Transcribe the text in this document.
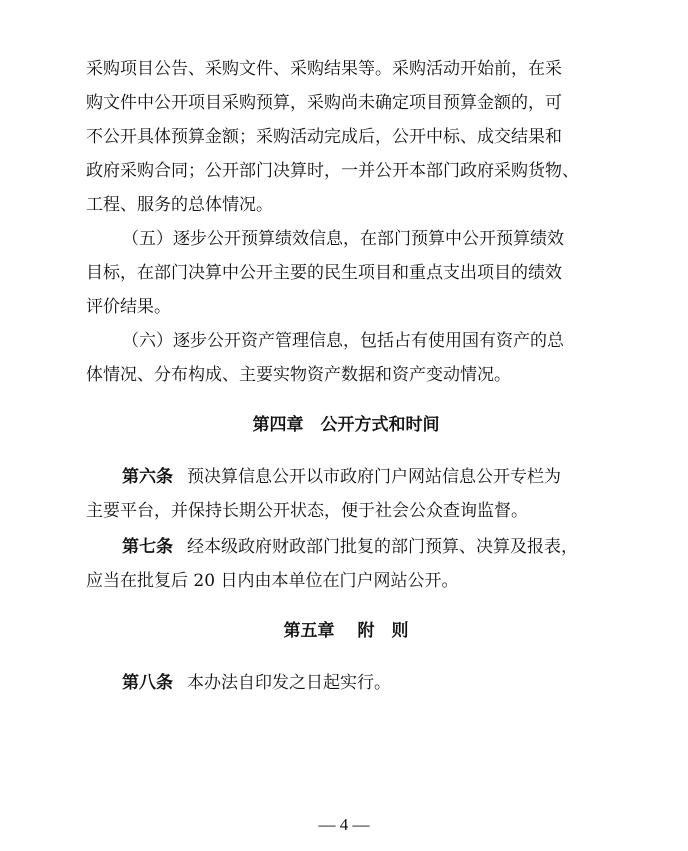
采购项目公告、采购文件、采购结果等。采购活动开始前，在采
购文件中公开项目采购预算，采购尚未确定项目预算金额的，可
不公开具体预算金额；采购活动完成后，公开中标、成交结果和
政府采购合同；公开部门决算时，一并公开本部门政府采购货物、
工程、服务的总体情况。
（五）逐步公开预算绩效信息，在部门预算中公开预算绩效
目标，在部门决算中公开主要的民生项目和重点支出项目的绩效
评价结果。
（六）逐步公开资产管理信息，包括占有使用国有资产的总
体情况、分布构成、主要实物资产数据和资产变动情况。
第四章　公开方式和时间
第六条 预决算信息公开以市政府门户网站信息公开专栏为
主要平台，并保持长期公开状态，便于社会公众查询监督。
第七条 经本级政府财政部门批复的部门预算、决算及报表，
应当在批复后 20 日内由本单位在门户网站公开。
第五章　 附　则
第八条 本办法自印发之日起实行。
— 4 —
